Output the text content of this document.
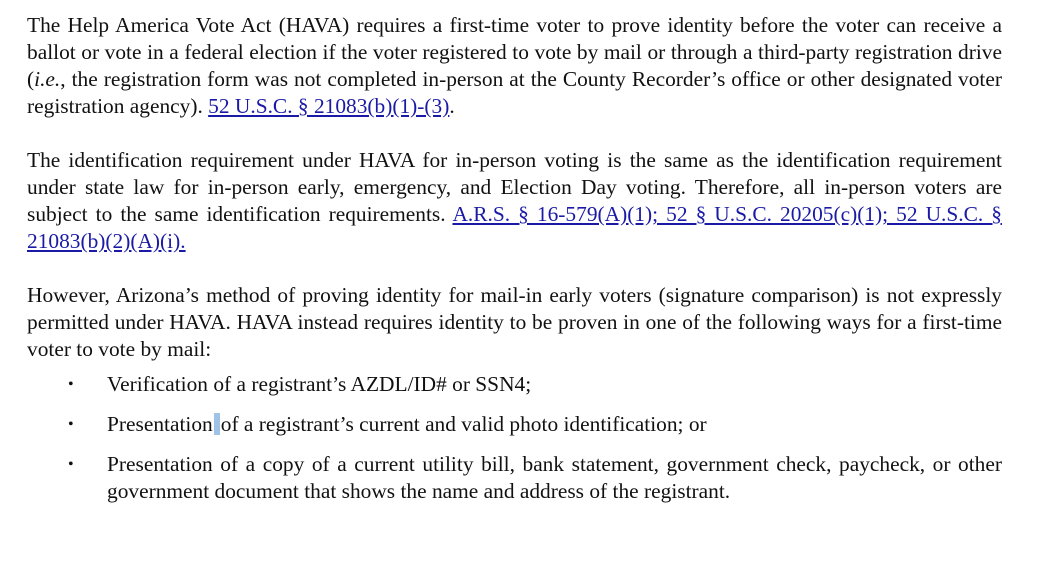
The Help America Vote Act (HAVA) requires a first-time voter to prove identity before the voter can receive a ballot or vote in a federal election if the voter registered to vote by mail or through a third-party registration drive (i.e., the registration form was not completed in-person at the County Recorder’s office or other designated voter registration agency). 52 U.S.C. § 21083(b)(1)-(3).

The identification requirement under HAVA for in-person voting is the same as the identification requirement under state law for in-person early, emergency, and Election Day voting. Therefore, all in-person voters are subject to the same identification requirements. A.R.S. § 16-579(A)(1); 52 § U.S.C. 20205(c)(1); 52 U.S.C. § 21083(b)(2)(A)(i).

However, Arizona’s method of proving identity for mail-in early voters (signature comparison) is not expressly permitted under HAVA. HAVA instead requires identity to be proven in one of the following ways for a first-time voter to vote by mail:

• Verification of a registrant’s AZDL/ID# or SSN4;
• Presentation of a registrant’s current and valid photo identification; or
• Presentation of a copy of a current utility bill, bank statement, government check, paycheck, or other government document that shows the name and address of the registrant.
